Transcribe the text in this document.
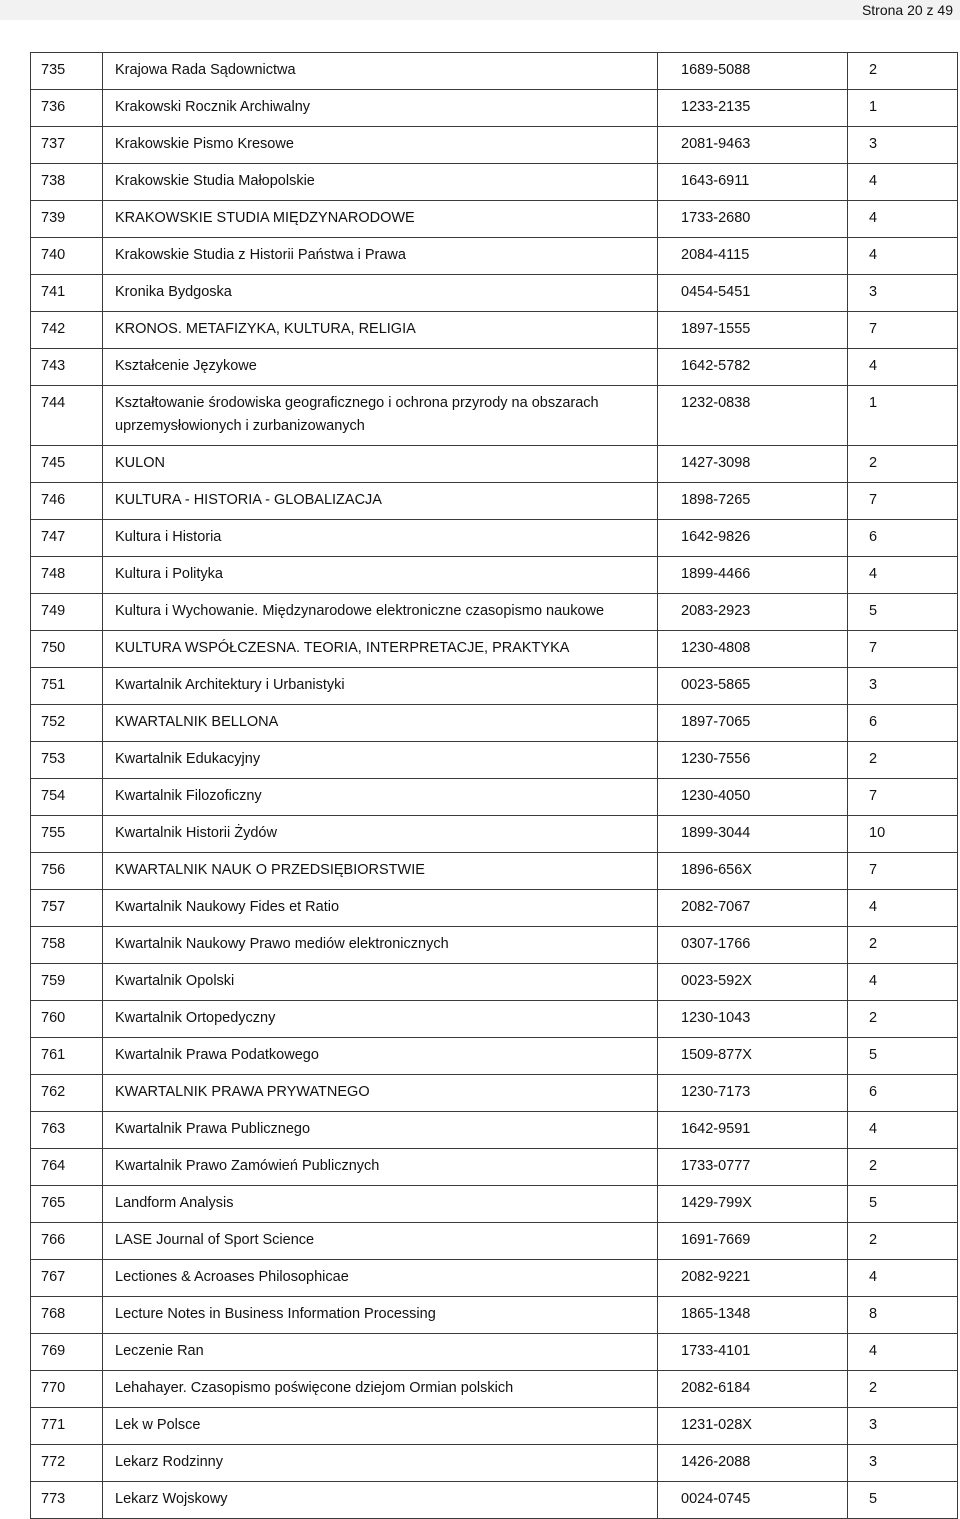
Strona 20 z 49
735	Krajowa Rada Sądownictwa	1689-5088	2
736	Krakowski Rocznik Archiwalny	1233-2135	1
737	Krakowskie Pismo Kresowe	2081-9463	3
738	Krakowskie Studia Małopolskie	1643-6911	4
739	KRAKOWSKIE STUDIA MIĘDZYNARODOWE	1733-2680	4
740	Krakowskie Studia z Historii Państwa i Prawa	2084-4115	4
741	Kronika Bydgoska	0454-5451	3
742	KRONOS. METAFIZYKA, KULTURA, RELIGIA	1897-1555	7
743	Kształcenie Językowe	1642-5782	4
744	Kształtowanie środowiska geograficznego i ochrona przyrody na obszarach uprzemysłowionych i zurbanizowanych	1232-0838	1
745	KULON	1427-3098	2
746	KULTURA - HISTORIA - GLOBALIZACJA	1898-7265	7
747	Kultura i Historia	1642-9826	6
748	Kultura i Polityka	1899-4466	4
749	Kultura i Wychowanie. Międzynarodowe elektroniczne czasopismo naukowe	2083-2923	5
750	KULTURA WSPÓŁCZESNA. TEORIA, INTERPRETACJE, PRAKTYKA	1230-4808	7
751	Kwartalnik Architektury i Urbanistyki	0023-5865	3
752	KWARTALNIK BELLONA	1897-7065	6
753	Kwartalnik Edukacyjny	1230-7556	2
754	Kwartalnik Filozoficzny	1230-4050	7
755	Kwartalnik Historii Żydów	1899-3044	10
756	KWARTALNIK NAUK O PRZEDSIĘBIORSTWIE	1896-656X	7
757	Kwartalnik Naukowy Fides et Ratio	2082-7067	4
758	Kwartalnik Naukowy Prawo mediów elektronicznych	0307-1766	2
759	Kwartalnik Opolski	0023-592X	4
760	Kwartalnik Ortopedyczny	1230-1043	2
761	Kwartalnik Prawa Podatkowego	1509-877X	5
762	KWARTALNIK PRAWA PRYWATNEGO	1230-7173	6
763	Kwartalnik Prawa Publicznego	1642-9591	4
764	Kwartalnik Prawo Zamówień Publicznych	1733-0777	2
765	Landform Analysis	1429-799X	5
766	LASE Journal of Sport Science	1691-7669	2
767	Lectiones & Acroases Philosophicae	2082-9221	4
768	Lecture Notes in Business Information Processing	1865-1348	8
769	Leczenie Ran	1733-4101	4
770	Lehahayer. Czasopismo poświęcone dziejom Ormian polskich	2082-6184	2
771	Lek w Polsce	1231-028X	3
772	Lekarz Rodzinny	1426-2088	3
773	Lekarz Wojskowy	0024-0745	5
